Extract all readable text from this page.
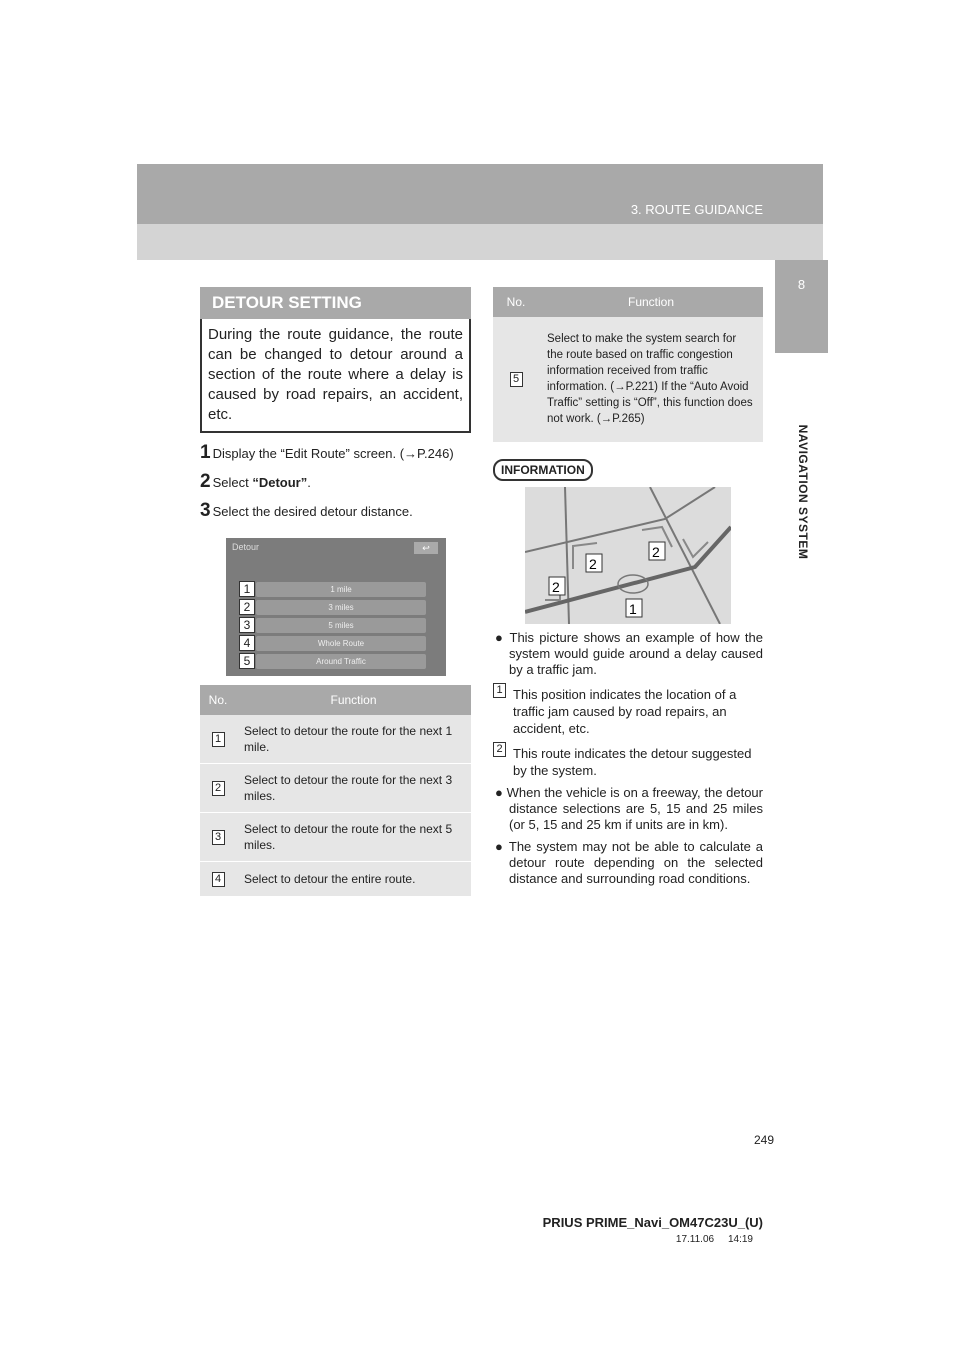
3. ROUTE GUIDANCE
8
NAVIGATION SYSTEM
DETOUR SETTING
During the route guidance, the route can be changed to detour around a section of the route where a delay is caused by road repairs, an accident, etc.
1 Display the “Edit Route” screen. (→P.246)
2 Select “Detour”.
3 Select the desired detour distance.
Detour	↩
1 mile
3 miles
5 miles
Whole Route
Around Traffic
1
2
3
4
5
No.	Function
1	Select to detour the route for the next 1 mile.
2	Select to detour the route for the next 3 miles.
3	Select to detour the route for the next 5 miles.
4	Select to detour the entire route.
No.	Function
5	Select to make the system search for the route based on traffic congestion information received from traffic information. (→P.221) If the “Auto Avoid Traffic” setting is “Off”, this function does not work. (→P.265)
INFORMATION
2
2
2
1
● This picture shows an example of how the system would guide around a delay caused by a traffic jam.
1 This position indicates the location of a traffic jam caused by road repairs, an accident, etc.
2 This route indicates the detour suggested by the system.
● When the vehicle is on a freeway, the detour distance selections are 5, 15 and 25 miles (or 5, 15 and 25 km if units are in km).
● The system may not be able to calculate a detour route depending on the selected distance and surrounding road conditions.
249
PRIUS PRIME_Navi_OM47C23U_(U)
17.11.06     14:19
